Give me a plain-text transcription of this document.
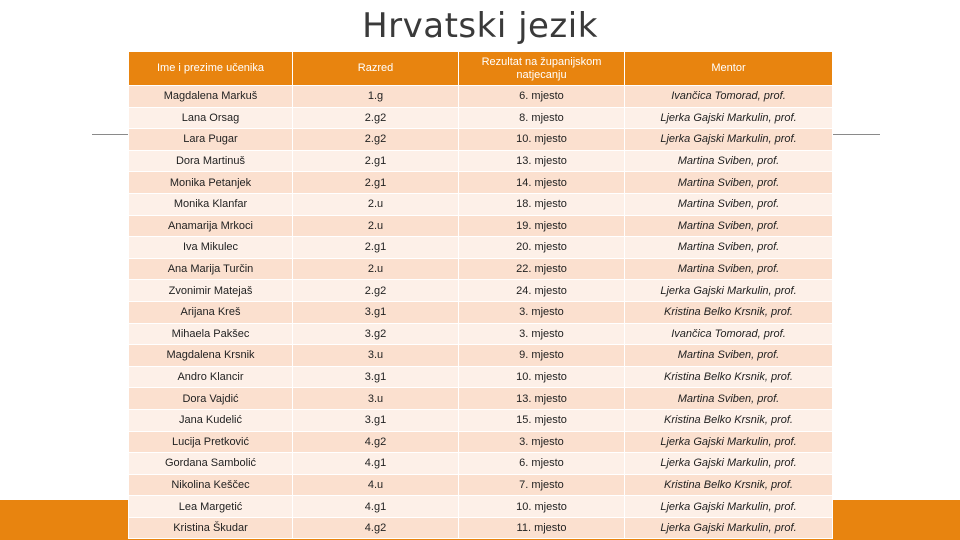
Hrvatski jezik
Ime i prezime učenika	Razred	Rezultat na županijskom natjecanju	Mentor
Magdalena Markuš	1.g	6. mjesto	Ivančica Tomorad, prof.
Lana Orsag	2.g2	8. mjesto	Ljerka Gajski Markulin, prof.
Lara Pugar	2.g2	10. mjesto	Ljerka Gajski Markulin, prof.
Dora Martinuš	2.g1	13. mjesto	Martina Sviben, prof.
Monika Petanjek	2.g1	14. mjesto	Martina Sviben, prof.
Monika Klanfar	2.u	18. mjesto	Martina Sviben, prof.
Anamarija Mrkoci	2.u	19. mjesto	Martina Sviben, prof.
Iva Mikulec	2.g1	20. mjesto	Martina Sviben, prof.
Ana Marija Turčin	2.u	22. mjesto	Martina Sviben, prof.
Zvonimir Matejaš	2.g2	24. mjesto	Ljerka Gajski Markulin, prof.
Arijana Kreš	3.g1	3. mjesto	Kristina Belko Krsnik, prof.
Mihaela Pakšec	3.g2	3. mjesto	Ivančica Tomorad, prof.
Magdalena Krsnik	3.u	9. mjesto	Martina Sviben, prof.
Andro Klancir	3.g1	10. mjesto	Kristina Belko Krsnik, prof.
Dora Vajdić	3.u	13. mjesto	Martina Sviben, prof.
Jana Kudelić	3.g1	15. mjesto	Kristina Belko Krsnik, prof.
Lucija Pretković	4.g2	3. mjesto	Ljerka Gajski Markulin, prof.
Gordana Sambolić	4.g1	6. mjesto	Ljerka Gajski Markulin, prof.
Nikolina Keščec	4.u	7. mjesto	Kristina Belko Krsnik, prof.
Lea Margetić	4.g1	10. mjesto	Ljerka Gajski Markulin, prof.
Kristina Škudar	4.g2	11. mjesto	Ljerka Gajski Markulin, prof.
